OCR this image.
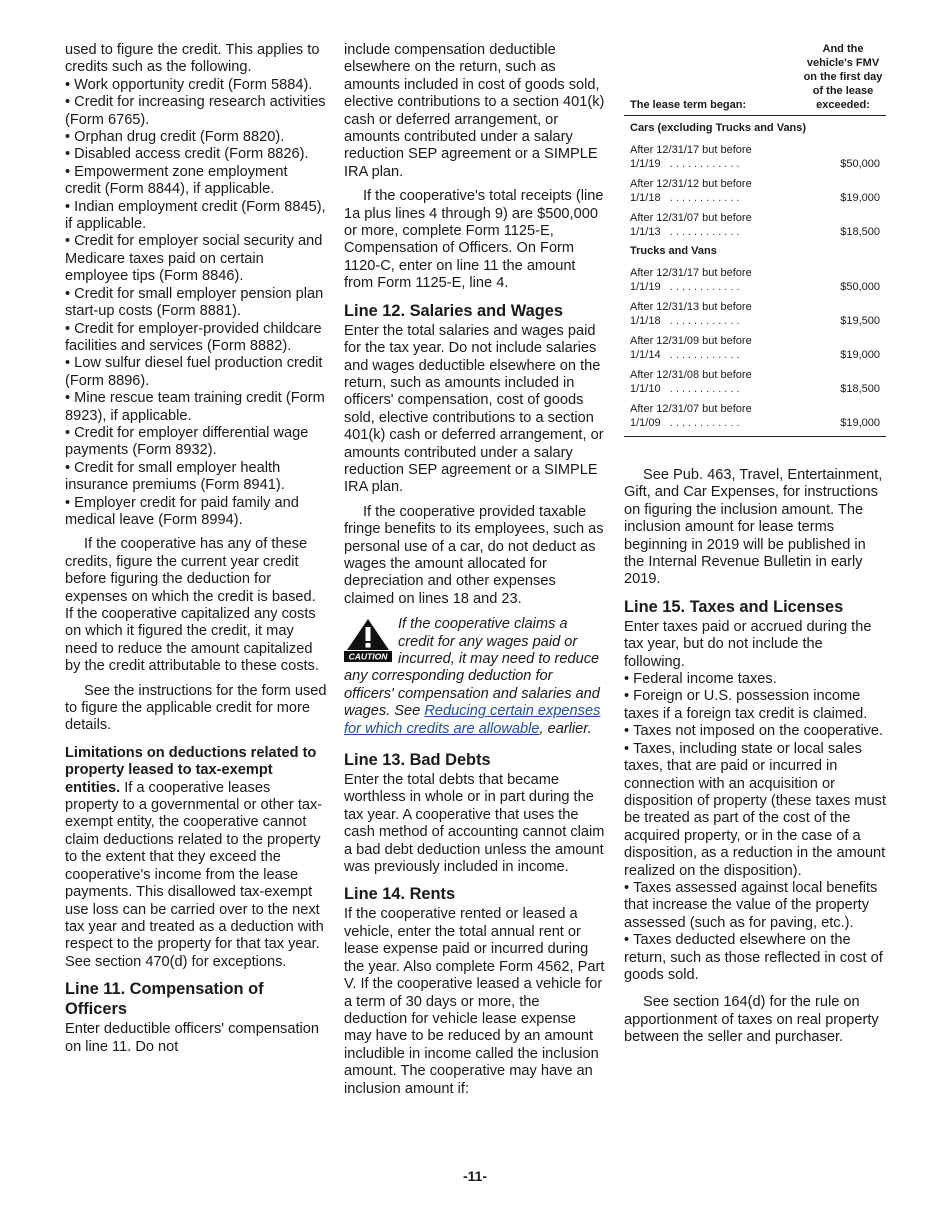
used to figure the credit. This applies to credits such as the following.

• Work opportunity credit (Form 5884).

• Credit for increasing research activities (Form 6765).

• Orphan drug credit (Form 8820).

• Disabled access credit (Form 8826).

• Empowerment zone employment credit (Form 8844), if applicable.

• Indian employment credit (Form 8845), if applicable.

• Credit for employer social security and Medicare taxes paid on certain employee tips (Form 8846).

• Credit for small employer pension plan start-up costs (Form 8881).

• Credit for employer-provided childcare facilities and services (Form 8882).

• Low sulfur diesel fuel production credit (Form 8896).

• Mine rescue team training credit (Form 8923), if applicable.

• Credit for employer differential wage payments (Form 8932).

• Credit for small employer health insurance premiums (Form 8941).

• Employer credit for paid family and medical leave (Form 8994).

If the cooperative has any of these credits, figure the current year credit before figuring the deduction for expenses on which the credit is based. If the cooperative capitalized any costs on which it figured the credit, it may need to reduce the amount capitalized by the credit attributable to these costs.

See the instructions for the form used to figure the applicable credit for more details.

Limitations on deductions related to property leased to tax-exempt entities. If a cooperative leases property to a governmental or other tax-exempt entity, the cooperative cannot claim deductions related to the property to the extent that they exceed the cooperative's income from the lease payments. This disallowed tax-exempt use loss can be carried over to the next tax year and treated as a deduction with respect to the property for that tax year. See section 470(d) for exceptions.

Line 11. Compensation of Officers

Enter deductible officers' compensation on line 11. Do not

include compensation deductible elsewhere on the return, such as amounts included in cost of goods sold, elective contributions to a section 401(k) cash or deferred arrangement, or amounts contributed under a salary reduction SEP agreement or a SIMPLE IRA plan.

If the cooperative's total receipts (line 1a plus lines 4 through 9) are $500,000 or more, complete Form 1125-E, Compensation of Officers. On Form 1120-C, enter on line 11 the amount from Form 1125-E, line 4.

Line 12. Salaries and Wages

Enter the total salaries and wages paid for the tax year. Do not include salaries and wages deductible elsewhere on the return, such as amounts included in officers' compensation, cost of goods sold, elective contributions to a section 401(k) cash or deferred arrangement, or amounts contributed under a salary reduction SEP agreement or a SIMPLE IRA plan.

If the cooperative provided taxable fringe benefits to its employees, such as personal use of a car, do not deduct as wages the amount allocated for depreciation and other expenses claimed on lines 18 and 23.

CAUTION
If the cooperative claims a credit for any wages paid or incurred, it may need to reduce any corresponding deduction for officers' compensation and salaries and wages. See Reducing certain expenses for which credits are allowable, earlier.
Line 13. Bad Debts

Enter the total debts that became worthless in whole or in part during the tax year. A cooperative that uses the cash method of accounting cannot claim a bad debt deduction unless the amount was previously included in income.

Line 14. Rents

If the cooperative rented or leased a vehicle, enter the total annual rent or lease expense paid or incurred during the year. Also complete Form 4562, Part V. If the cooperative leased a vehicle for a term of 30 days or more, the deduction for vehicle lease expense may have to be reduced by an amount includible in income called the inclusion amount. The cooperative may have an inclusion amount if:

The lease term began:	And the vehicle's FMV on the first day of the lease exceeded:
Cars (excluding Trucks and Vans)	
After 12/31/17 but before
1/1/19 ............	$50,000
After 12/31/12 but before
1/1/18 ............	$19,000
After 12/31/07 but before
1/1/13 ............	$18,500
Trucks and Vans	
After 12/31/17 but before
1/1/19 ............	$50,000
After 12/31/13 but before
1/1/18 ............	$19,500
After 12/31/09 but before
1/1/14 ............	$19,000
After 12/31/08 but before
1/1/10 ............	$18,500
After 12/31/07 but before
1/1/09 ............	$19,000

See Pub. 463, Travel, Entertainment, Gift, and Car Expenses, for instructions on figuring the inclusion amount. The inclusion amount for lease terms beginning in 2019 will be published in the Internal Revenue Bulletin in early 2019.

Line 15. Taxes and Licenses

Enter taxes paid or accrued during the tax year, but do not include the following.

• Federal income taxes.

• Foreign or U.S. possession income taxes if a foreign tax credit is claimed.

• Taxes not imposed on the cooperative.

• Taxes, including state or local sales taxes, that are paid or incurred in connection with an acquisition or disposition of property (these taxes must be treated as part of the cost of the acquired property, or in the case of a disposition, as a reduction in the amount realized on the disposition).

• Taxes assessed against local benefits that increase the value of the property assessed (such as for paving, etc.).

• Taxes deducted elsewhere on the return, such as those reflected in cost of goods sold.

See section 164(d) for the rule on apportionment of taxes on real property between the seller and purchaser.

-11-
